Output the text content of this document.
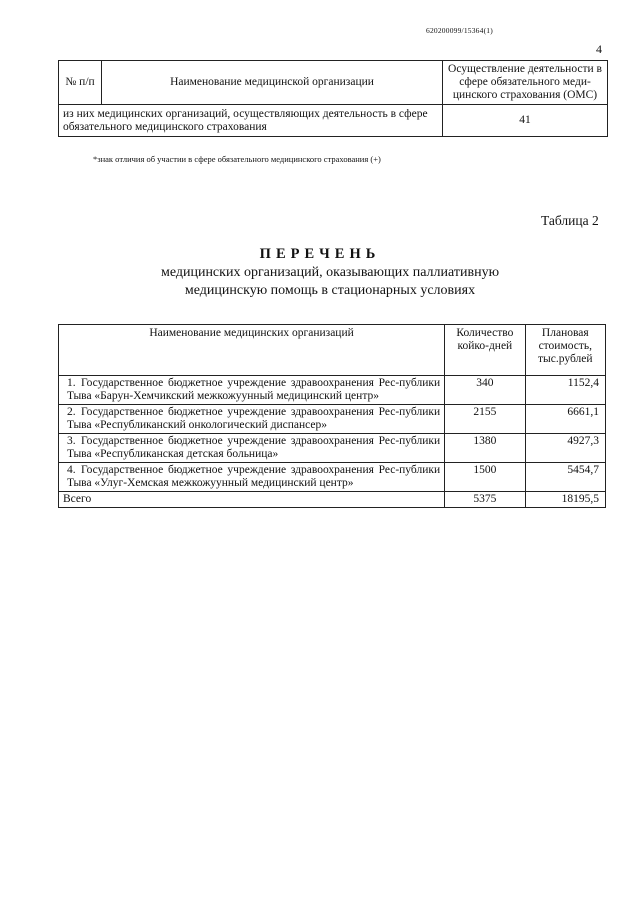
620200099/15364(1)
4
№ п/п	Наименование медицинской организации	Осуществление деятельности в сфере обязательного меди-цинского страхования (ОМС)
из них медицинских организаций, осуществляющих деятельность в сфере обязательного медицинского страхования		41
*знак отличия об участии в сфере обязательного медицинского страхования (+)
Таблица 2
ПЕРЕЧЕНЬ
медицинских организаций, оказывающих паллиативную медицинскую помощь в стационарных условиях
Наименование медицинских организаций	Количество койко-дней	Плановая стоимость, тыс.рублей
1. Государственное бюджетное учреждение здравоохранения Рес-публики Тыва «Барун-Хемчикский межкожуунный медицинский центр»	340	1152,4
2. Государственное бюджетное учреждение здравоохранения Рес-публики Тыва «Республиканский онкологический диспансер»	2155	6661,1
3. Государственное бюджетное учреждение здравоохранения Рес-публики Тыва «Республиканская детская больница»	1380	4927,3
4. Государственное бюджетное учреждение здравоохранения Рес-публики Тыва «Улуг-Хемская межкожуунный медицинский центр»	1500	5454,7
Всего	5375	18195,5
